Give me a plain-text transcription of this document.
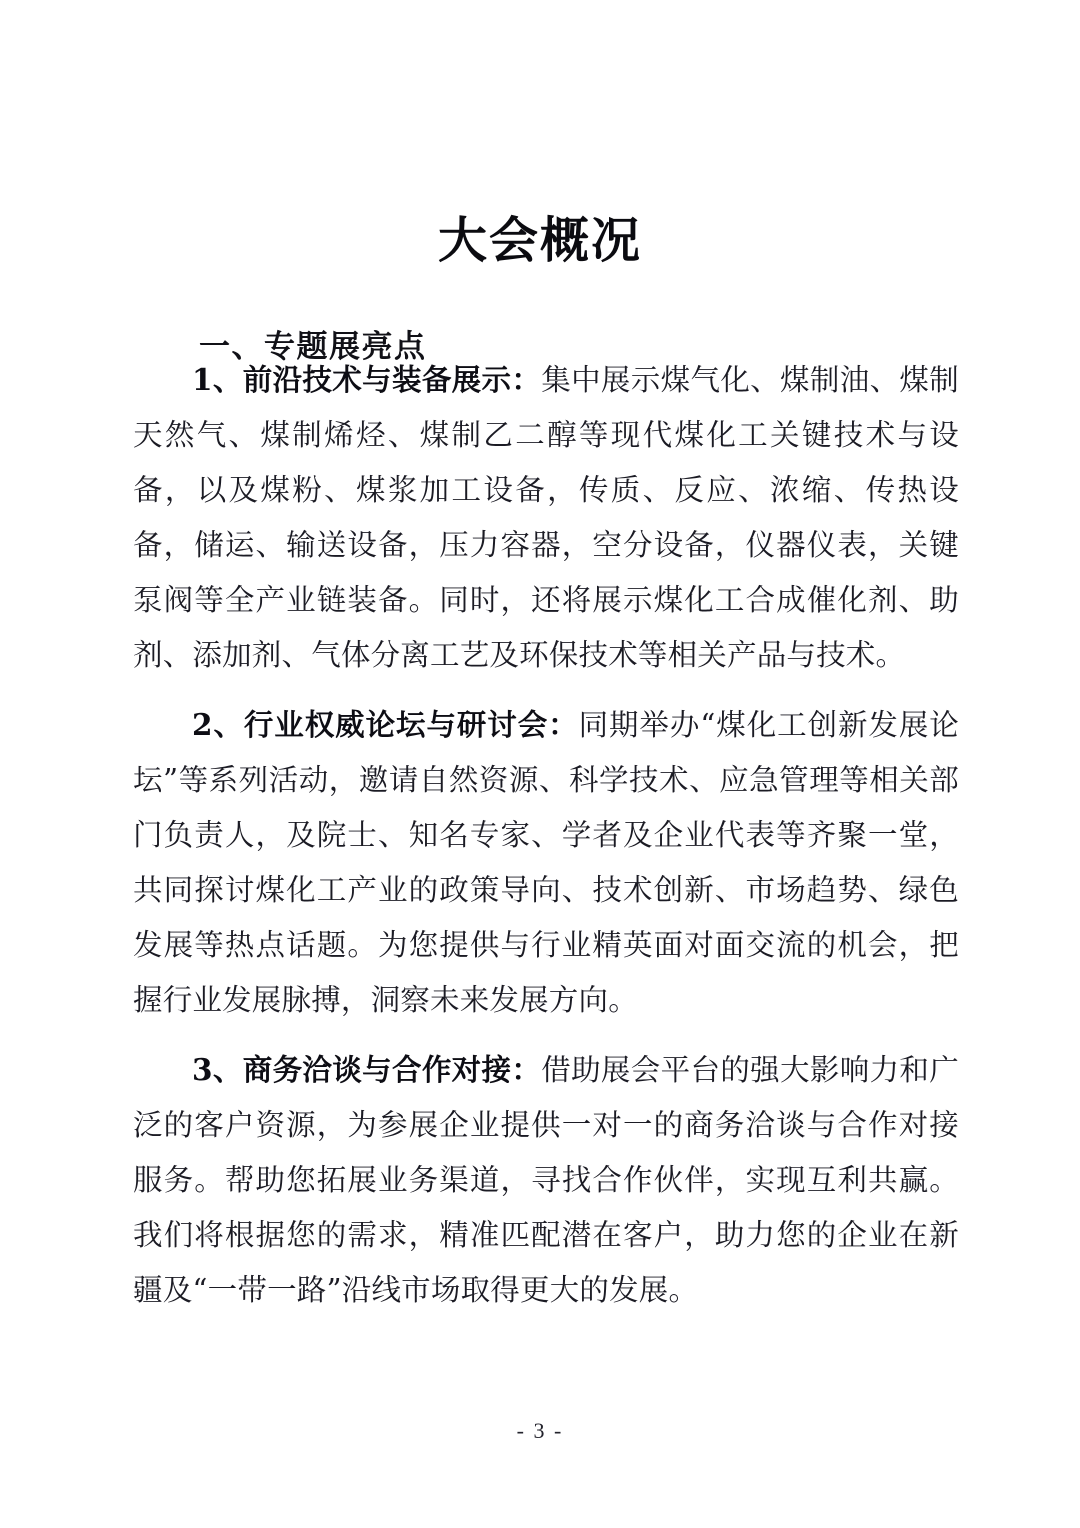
大会概况
一、专题展亮点

1、前沿技术与装备展示：集中展示煤气化、煤制油、煤制天然气、煤制烯烃、煤制乙二醇等现代煤化工关键技术与设备，以及煤粉、煤浆加工设备，传质、反应、浓缩、传热设备，储运、输送设备，压力容器，空分设备，仪器仪表，关键泵阀等全产业链装备。同时，还将展示煤化工合成催化剂、助剂、添加剂、气体分离工艺及环保技术等相关产品与技术。

2、行业权威论坛与研讨会：同期举办“煤化工创新发展论坛”等系列活动，邀请自然资源、科学技术、应急管理等相关部门负责人，及院士、知名专家、学者及企业代表等齐聚一堂，共同探讨煤化工产业的政策导向、技术创新、市场趋势、绿色发展等热点话题。为您提供与行业精英面对面交流的机会，把握行业发展脉搏，洞察未来发展方向。

3、商务洽谈与合作对接：借助展会平台的强大影响力和广泛的客户资源，为参展企业提供一对一的商务洽谈与合作对接服务。帮助您拓展业务渠道，寻找合作伙伴，实现互利共赢。我们将根据您的需求，精准匹配潜在客户，助力您的企业在新疆及“一带一路”沿线市场取得更大的发展。

- 3 -
